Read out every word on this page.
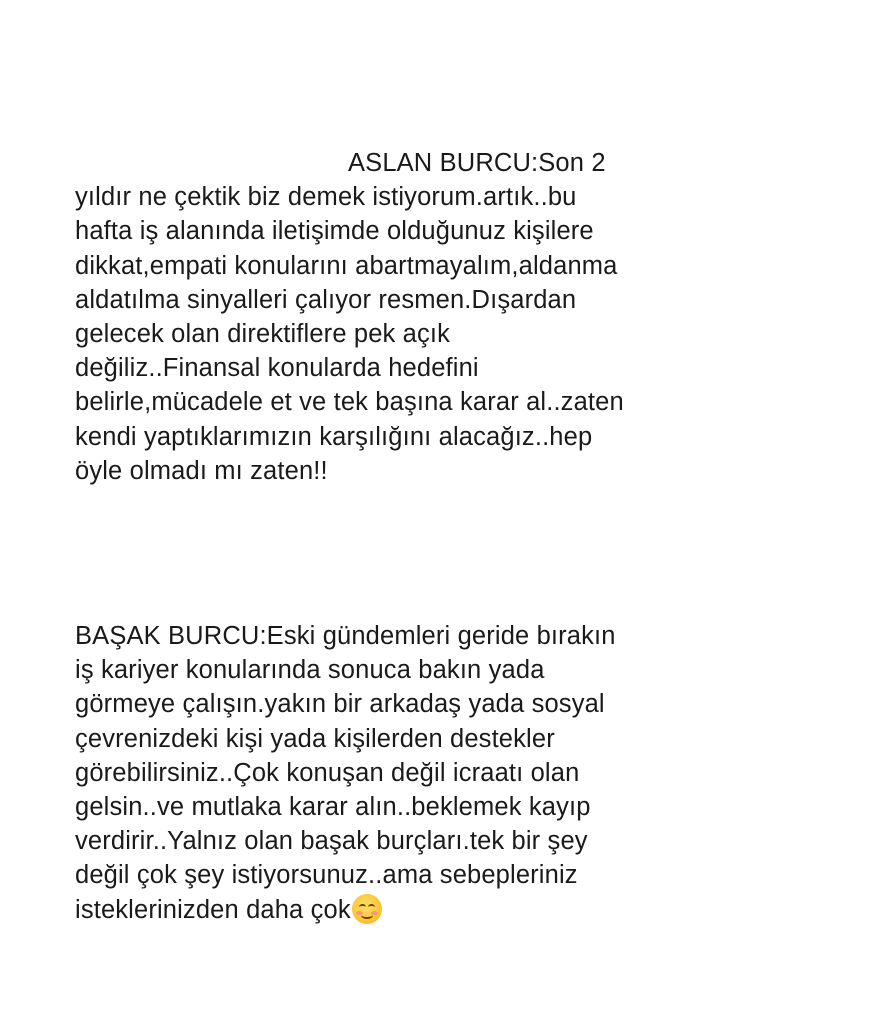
ASLAN BURCU:Son 2
yıldır ne çektik biz demek istiyorum.artık..bu
hafta iş alanında iletişimde olduğunuz kişilere
dikkat,empati konularını abartmayalım,aldanma
aldatılma sinyalleri çalıyor resmen.Dışardan
gelecek olan direktiflere pek açık
değiliz..Finansal konularda hedefini
belirle,mücadele et ve tek başına karar al..zaten
kendi yaptıklarımızın karşılığını alacağız..hep
öyle olmadı mı zaten!!
BAŞAK BURCU:Eski gündemleri geride bırakın
iş kariyer konularında sonuca bakın yada
görmeye çalışın.yakın bir arkadaş yada sosyal
çevrenizdeki kişi yada kişilerden destekler
görebilirsiniz..Çok konuşan değil icraatı olan
gelsin..ve mutlaka karar alın..beklemek kayıp
verdirir..Yalnız olan başak burçları.tek bir şey
değil çok şey istiyorsunuz..ama sebepleriniz
isteklerinizden daha çok
